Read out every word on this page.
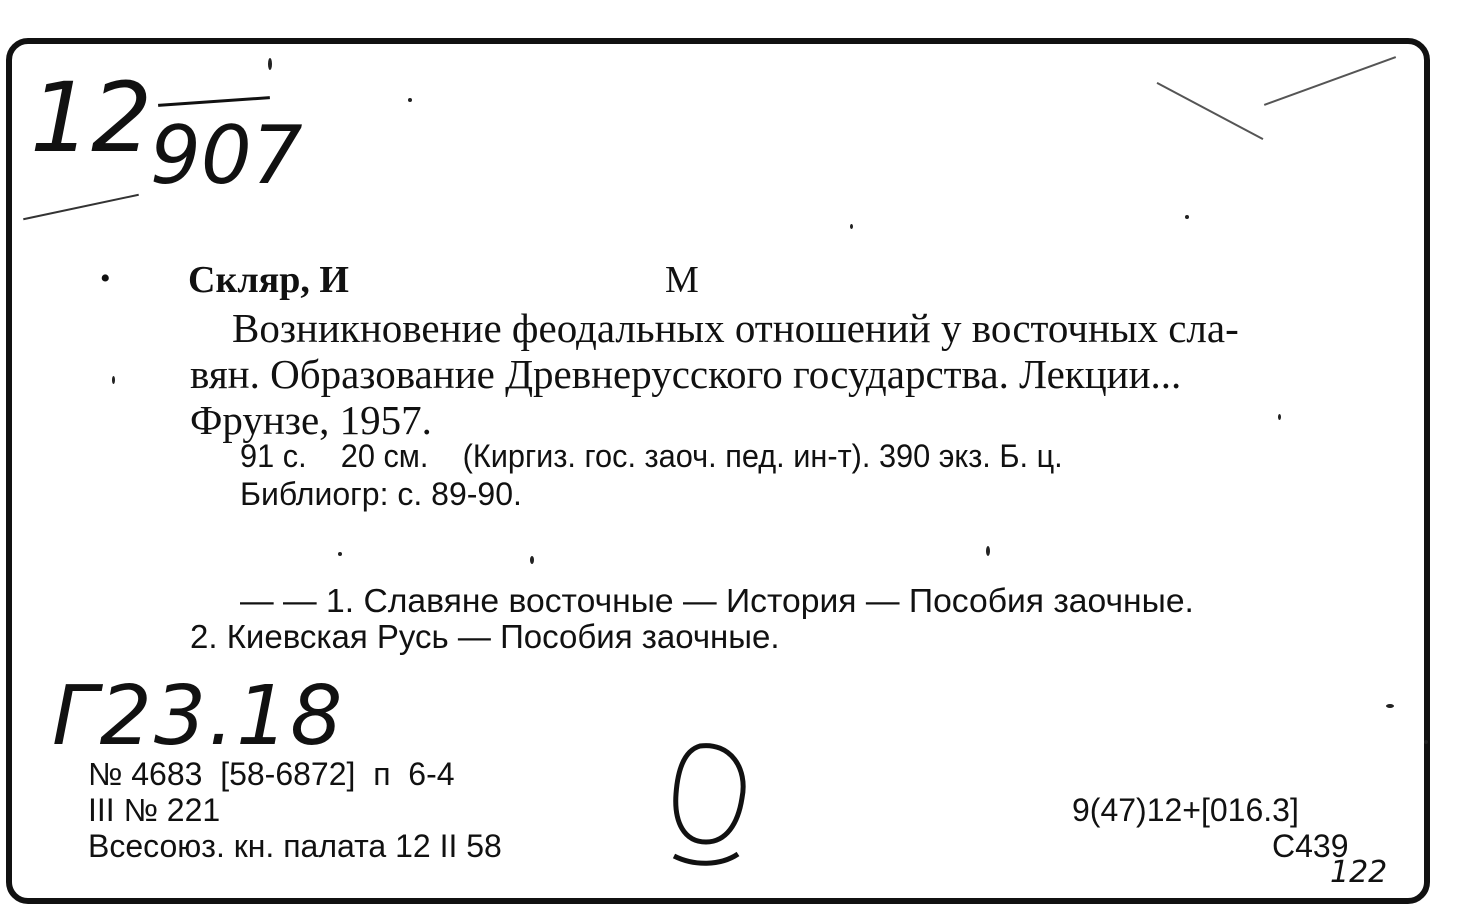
12
907
• Скляр, И	М
Возникновение феодальных отношений у восточных сла-
вян. Образование Древнерусского государства. Лекции...
Фрунзе, 1957.
91 с.    20 см.    (Киргиз. гос. заоч. пед. ин-т). 390 экз. Б. ц.
Библиогр: с. 89-90.
— — 1. Славяне восточные — История — Пособия заочные.
2. Киевская Русь — Пособия заочные.
Г23.18
№ 4683  [58-6872]  п  6-4
III № 221
Всесоюз. кн. палата 12 II 58
9(47)12+[016.3]
С439
122
